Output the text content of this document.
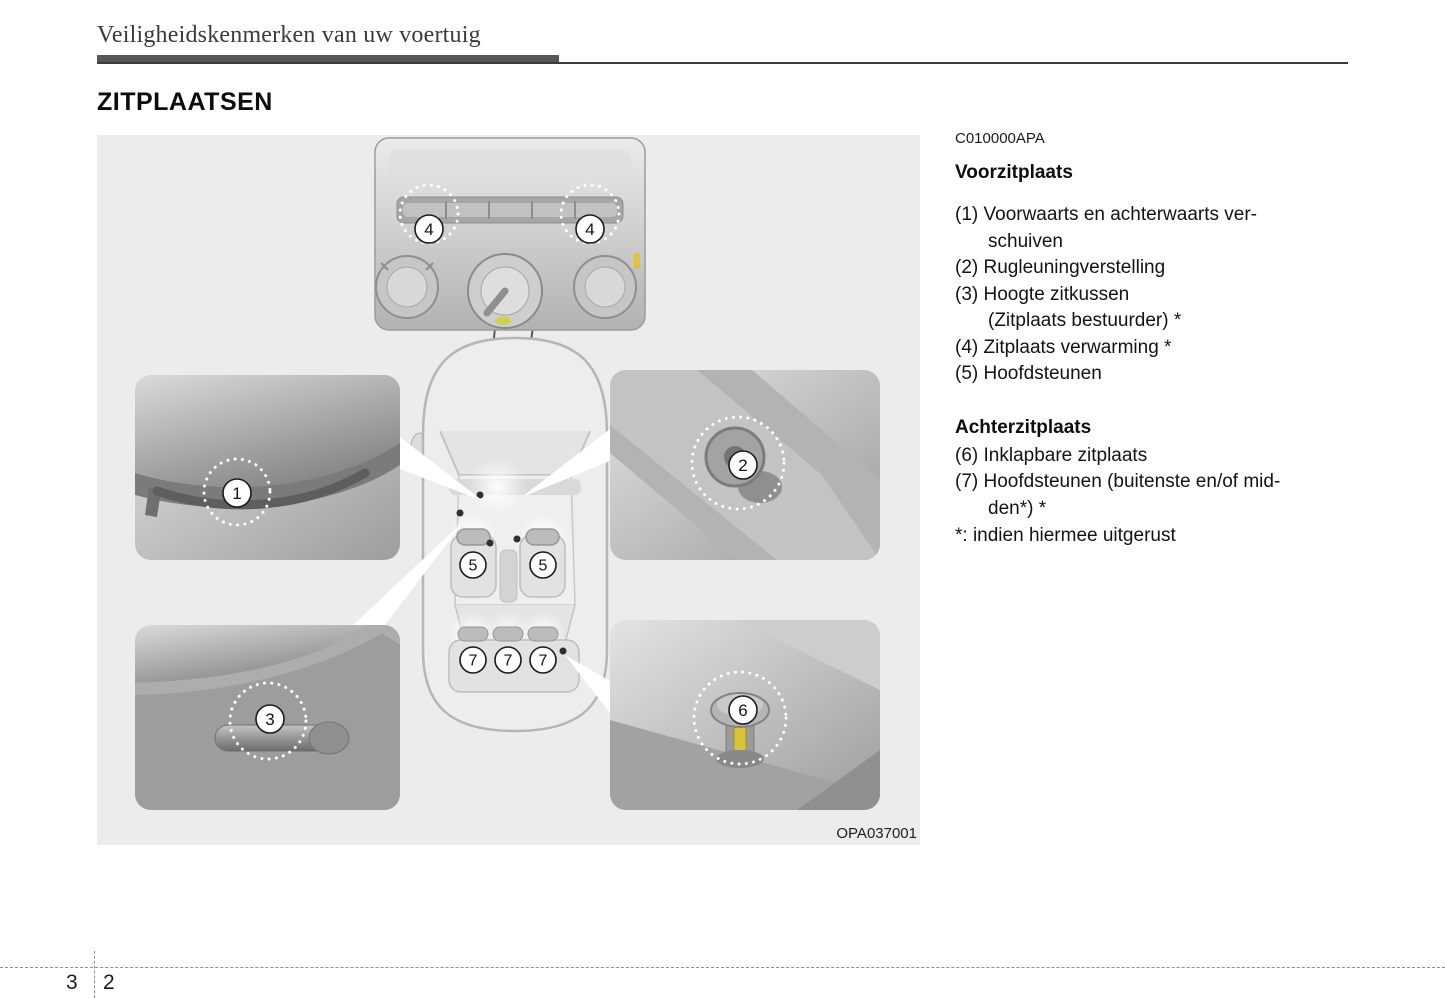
Veiligheidskenmerken van uw voertuig
ZITPLAATSEN
4	4
1
2
3
5	5
7 7 7
6
OPA037001
C010000APA
Voorzitplaats
(1) Voorwaarts en achterwaarts ver-
schuiven
(2) Rugleuningverstelling
(3) Hoogte zitkussen
(Zitplaats bestuurder) *
(4) Zitplaats verwarming *
(5) Hoofdsteunen
Achterzitplaats
(6) Inklapbare zitplaats
(7) Hoofdsteunen (buitenste en/of mid-
den*) *
*: indien hiermee uitgerust
3 2
